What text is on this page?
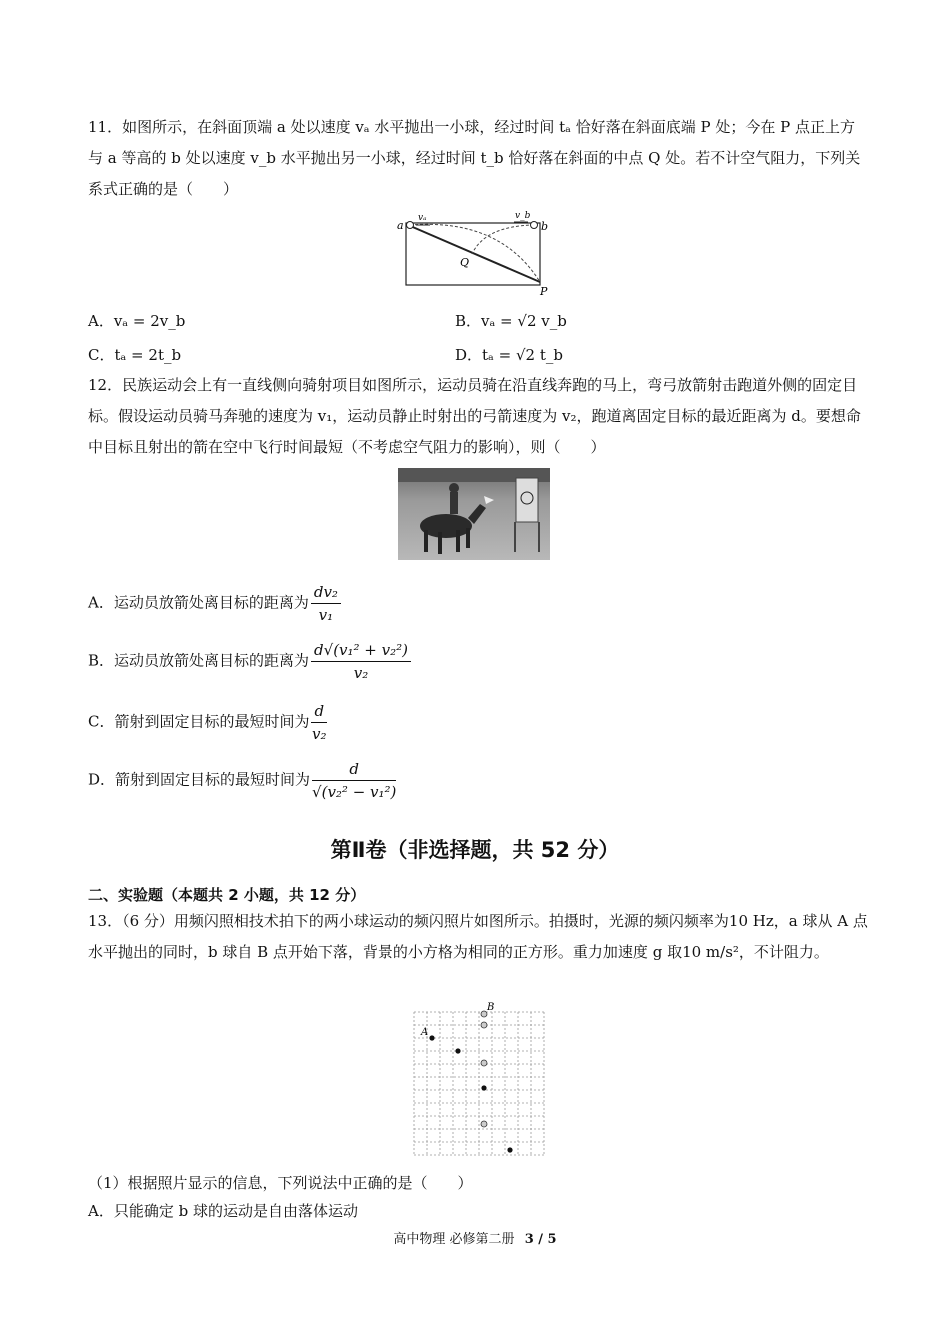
11．如图所示，在斜面顶端 a 处以速度 vₐ 水平抛出一小球，经过时间 tₐ 恰好落在斜面底端 P 处；今在 P 点正上方与 a 等高的 b 处以速度 v_b 水平抛出另一小球，经过时间 t_b 恰好落在斜面的中点 Q 处。若不计空气阻力，下列关系式正确的是（　　）
a	b
vₐ	v_b
Q
P
A．vₐ = 2v_b	B．vₐ = √2 v_b
C．tₐ = 2t_b	D．tₐ = √2 t_b
12．民族运动会上有一直线侧向骑射项目如图所示，运动员骑在沿直线奔跑的马上，弯弓放箭射击跑道外侧的固定目标。假设运动员骑马奔驰的速度为 v₁，运动员静止时射出的弓箭速度为 v₂，跑道离固定目标的最近距离为 d。要想命中目标且射出的箭在空中飞行时间最短（不考虑空气阻力的影响），则（　　）
A．运动员放箭处离目标的距离为 $\frac{\text{dv₂}}{\text{v₁}}$
B．运动员放箭处离目标的距离为 $\frac{\text{d√(v₁² + v₂²)}}{\text{v₂}}$
C．箭射到固定目标的最短时间为 $\frac{d}{\text{v₂}}$
D．箭射到固定目标的最短时间为 $\frac{d}{\text{√(v₂² − v₁²)}}$
第Ⅱ卷（非选择题，共 52 分）
二、实验题（本题共 2 小题，共 12 分）
13．（6 分）用频闪照相技术拍下的两小球运动的频闪照片如图所示。拍摄时，光源的频闪频率为10 Hz，a 球从 A 点水平抛出的同时，b 球自 B 点开始下落，背景的小方格为相同的正方形。重力加速度 g 取10 m/s²，不计阻力。
A
B
（1）根据照片显示的信息，下列说法中正确的是（　　）
A．只能确定 b 球的运动是自由落体运动
高中物理 必修第二册 3 / 5
